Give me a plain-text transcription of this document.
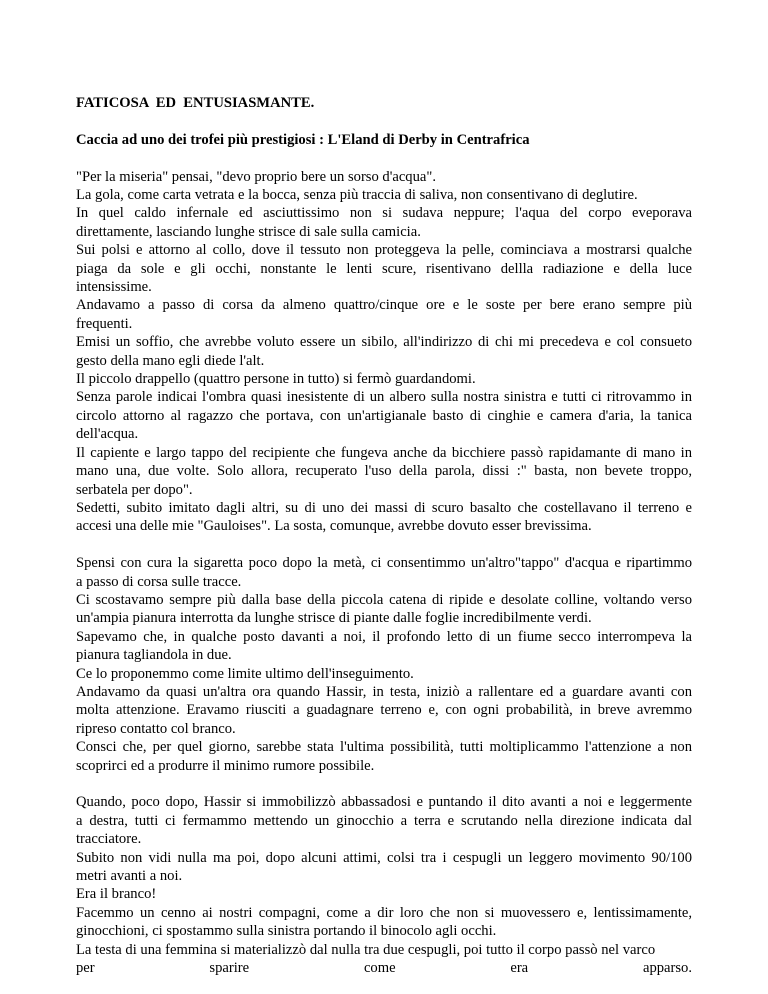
FATICOSA  ED  ENTUSIASMANTE.

Caccia ad uno dei trofei più prestigiosi : L'Eland di Derby in Centrafrica

"Per la miseria" pensai, "devo proprio bere un sorso d'acqua".

La gola, come carta vetrata e la bocca, senza più traccia di saliva, non consentivano di deglutire.

In quel caldo infernale ed asciuttissimo non si sudava neppure; l'aqua del corpo eveporava

direttamente, lasciando lunghe strisce di sale sulla camicia.

Sui polsi e attorno al collo, dove il tessuto non proteggeva la pelle, cominciava a mostrarsi qualche

piaga da sole e gli occhi, nonstante le lenti scure, risentivano dellla radiazione e della luce

intensissime.

Andavamo a passo di corsa da almeno quattro/cinque ore e le soste per bere erano sempre più

frequenti.

Emisi un soffio, che avrebbe voluto essere un sibilo, all'indirizzo di chi mi precedeva e col consueto

gesto della mano egli diede l'alt.

Il piccolo drappello (quattro persone in tutto) si fermò guardandomi.

Senza parole indicai l'ombra quasi inesistente di un albero sulla nostra sinistra e tutti ci ritrovammo in

circolo attorno al ragazzo che portava, con un'artigianale basto di cinghie e camera d'aria, la tanica

dell'acqua.

Il capiente e largo tappo del recipiente che fungeva anche da bicchiere passò rapidamante di mano in

mano una, due volte. Solo allora, recuperato l'uso della parola, dissi :" basta, non bevete troppo,

serbatela per dopo".

Sedetti, subito imitato dagli altri, su di uno dei massi di scuro basalto che costellavano il terreno e

accesi una delle mie "Gauloises". La sosta, comunque, avrebbe dovuto esser brevissima.

Spensi con cura la sigaretta poco dopo la metà, ci consentimmo un'altro"tappo" d'acqua e ripartimmo

a passo di corsa sulle tracce.

Ci scostavamo sempre più dalla base della piccola catena di ripide e desolate colline, voltando verso

un'ampia pianura interrotta da lunghe strisce di piante dalle foglie incredibilmente verdi.

Sapevamo che, in qualche posto davanti a noi, il profondo letto di un fiume secco interrompeva la

pianura tagliandola in due.

Ce lo proponemmo come limite ultimo dell'inseguimento.

Andavamo da quasi un'altra ora quando Hassir, in testa, iniziò a rallentare ed a guardare avanti con

molta attenzione. Eravamo riusciti a guadagnare terreno e, con ogni probabilità, in breve avremmo

ripreso contatto col branco.

Consci che, per quel giorno, sarebbe stata l'ultima possibilità, tutti moltiplicammo l'attenzione a non

scoprirci ed a produrre il minimo rumore possibile.

Quando, poco dopo, Hassir si immobilizzò abbassadosi e puntando il dito avanti a noi e leggermente

a destra, tutti ci fermammo mettendo un ginocchio a terra e scrutando nella direzione indicata dal

tracciatore.

Subito non vidi nulla ma poi, dopo alcuni attimi, colsi tra i cespugli un leggero movimento 90/100

metri avanti a noi.

Era il branco!

Facemmo un cenno ai nostri compagni, come a dir loro che non si muovessero e, lentissimamente,

ginocchioni, ci spostammo sulla sinistra portando il binocolo agli occhi.

La testa di una femmina si materializzò dal nulla tra due cespugli, poi tutto il corpo passò nel varco

per sparire come era apparso.
